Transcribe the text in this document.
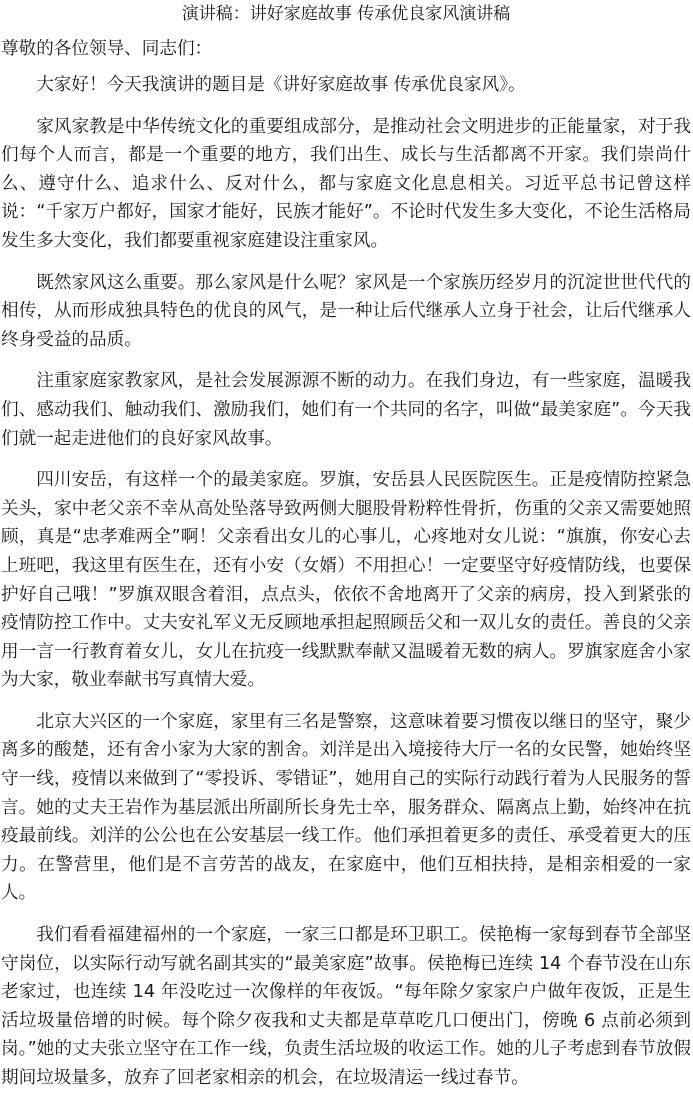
演讲稿：讲好家庭故事 传承优良家风演讲稿

尊敬的各位领导、同志们：

大家好！今天我演讲的题目是《讲好家庭故事 传承优良家风》。

家风家教是中华传统文化的重要组成部分，是推动社会文明进步的正能量家，对于我们每个人而言，都是一个重要的地方，我们出生、成长与生活都离不开家。我们崇尚什么、遵守什么、追求什么、反对什么，都与家庭文化息息相关。习近平总书记曾这样说：“千家万户都好，国家才能好，民族才能好”。不论时代发生多大变化，不论生活格局发生多大变化，我们都要重视家庭建设注重家风。

既然家风这么重要。那么家风是什么呢？家风是一个家族历经岁月的沉淀世世代代的相传，从而形成独具特色的优良的风气，是一种让后代继承人立身于社会，让后代继承人终身受益的品质。

注重家庭家教家风，是社会发展源源不断的动力。在我们身边，有一些家庭，温暖我们、感动我们、触动我们、激励我们，她们有一个共同的名字，叫做“最美家庭”。今天我们就一起走进他们的良好家风故事。

四川安岳，有这样一个的最美家庭。罗旗，安岳县人民医院医生。正是疫情防控紧急关头，家中老父亲不幸从高处坠落导致两侧大腿股骨粉粹性骨折，伤重的父亲又需要她照顾，真是“忠孝难两全”啊！父亲看出女儿的心事儿，心疼地对女儿说：“旗旗，你安心去上班吧，我这里有医生在，还有小安（女婿）不用担心！一定要坚守好疫情防线，也要保护好自己哦！”罗旗双眼含着泪，点点头，依依不舍地离开了父亲的病房，投入到紧张的疫情防控工作中。丈夫安礼军义无反顾地承担起照顾岳父和一双儿女的责任。善良的父亲用一言一行教育着女儿，女儿在抗疫一线默默奉献又温暖着无数的病人。罗旗家庭舍小家为大家，敬业奉献书写真情大爱。

北京大兴区的一个家庭，家里有三名是警察，这意味着要习惯夜以继日的坚守，聚少离多的酸楚，还有舍小家为大家的割舍。刘洋是出入境接待大厅一名的女民警，她始终坚守一线，疫情以来做到了“零投诉、零错证”，她用自己的实际行动践行着为人民服务的誓言。她的丈夫王岩作为基层派出所副所长身先士卒，服务群众、隔离点上勤，始终冲在抗疫最前线。刘洋的公公也在公安基层一线工作。他们承担着更多的责任、承受着更大的压力。在警营里，他们是不言劳苦的战友，在家庭中，他们互相扶持，是相亲相爱的一家人。

我们看看福建福州的一个家庭，一家三口都是环卫职工。侯艳梅一家每到春节全部坚守岗位，以实际行动写就名副其实的“最美家庭”故事。侯艳梅已连续 14 个春节没在山东老家过，也连续 14 年没吃过一次像样的年夜饭。“每年除夕家家户户做年夜饭，正是生活垃圾量倍增的时候。每个除夕夜我和丈夫都是草草吃几口便出门，傍晚 6 点前必须到岗。”她的丈夫张立坚守在工作一线，负责生活垃圾的收运工作。她的儿子考虑到春节放假期间垃圾量多，放弃了回老家相亲的机会，在垃圾清运一线过春节。
